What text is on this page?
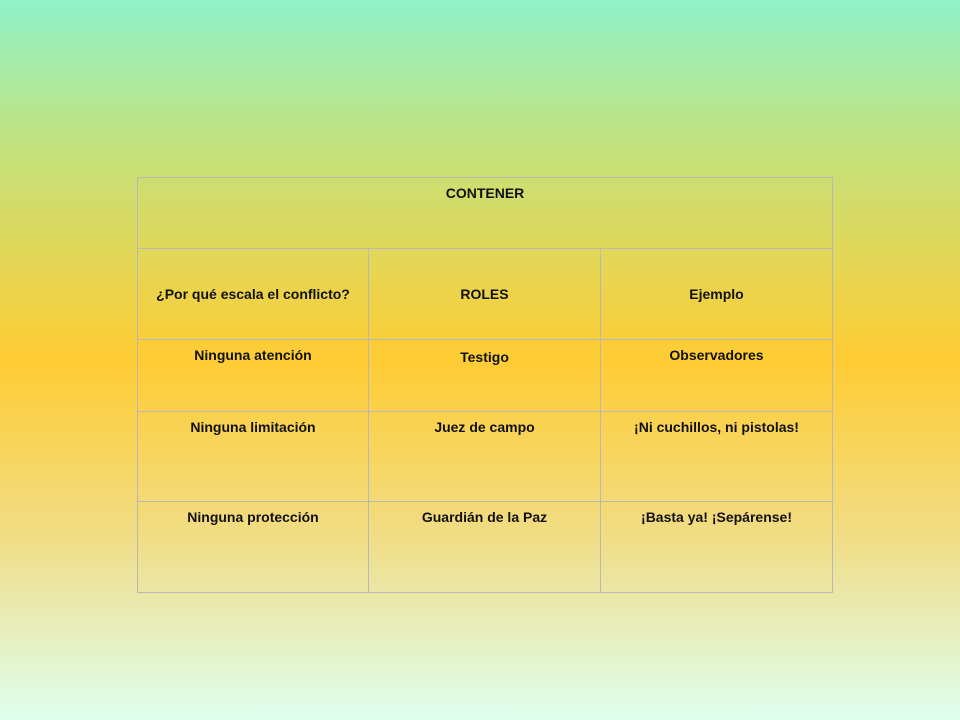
CONTENER		
¿Por qué escala el conflicto?	ROLES	Ejemplo
Ninguna atención	Testigo	Observadores
Ninguna limitación	Juez de campo	¡Ni cuchillos, ni pistolas!
Ninguna protección	Guardián de la Paz	¡Basta ya! ¡Sepárense!
